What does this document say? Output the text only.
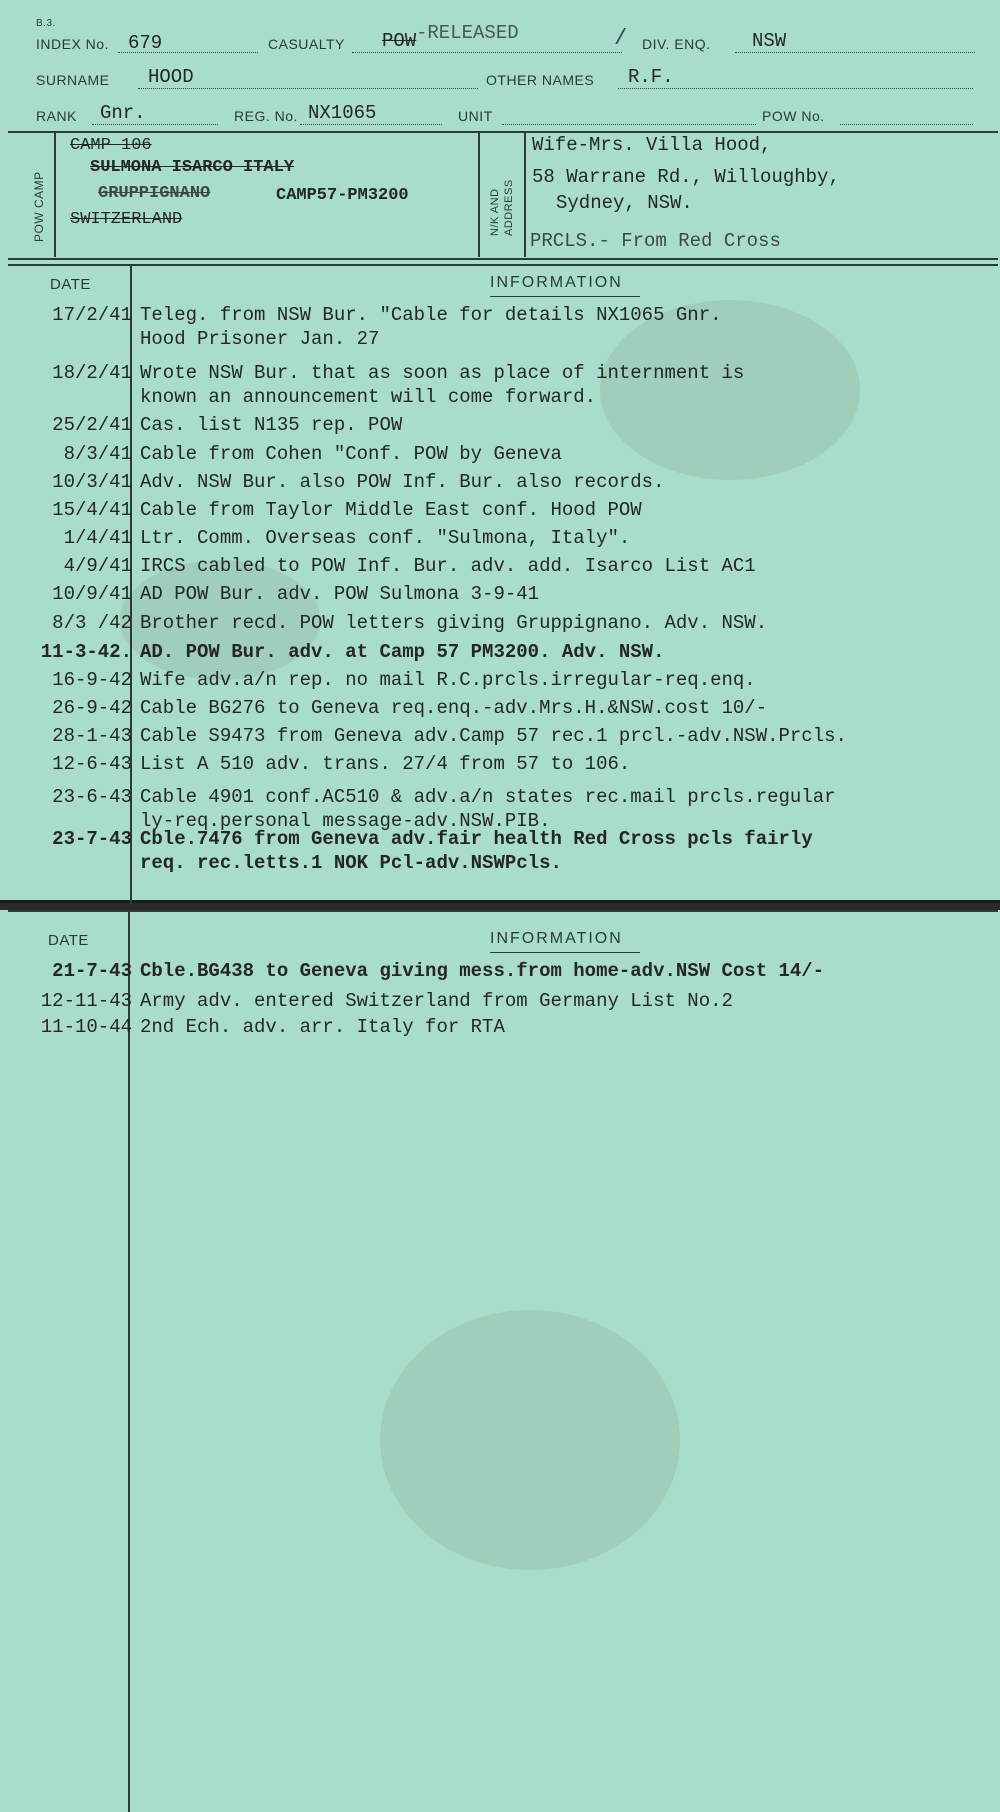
B.3.
INDEX No. 679	CASUALTY POW -RELEASED	/ DIV. ENQ. NSW
SURNAME HOOD	OTHER NAMES R.F.
RANK Gnr.	REG. No. NX1065	UNIT	POW No.
POW CAMP
CAMP 106
SULMONA ISARCO ITALY
GRUPPIGNANO	CAMP57-PM3200
SWITZERLAND	N/K AND ADDRESS
Wife-Mrs. Villa Hood,
58 Warrane Rd., Willoughby,
Sydney, NSW.
PRCLS.- From Red Cross
DATE	INFORMATION
17/2/41 Teleg. from NSW Bur. "Cable for details NX1065 Gnr.
Hood Prisoner Jan. 27
18/2/41 Wrote NSW Bur. that as soon as place of internment is
known an announcement will come forward.
25/2/41 Cas. list N135 rep. POW
8/3/41 Cable from Cohen "Conf. POW by Geneva
10/3/41 Adv. NSW Bur. also POW Inf. Bur. also records.
15/4/41 Cable from Taylor Middle East conf. Hood POW
1/4/41 Ltr. Comm. Overseas conf. "Sulmona, Italy".
4/9/41 IRCS cabled to POW Inf. Bur. adv. add. Isarco List AC1
10/9/41 AD POW Bur. adv. POW Sulmona 3-9-41
8/3 /42 Brother recd. POW letters giving Gruppignano. Adv. NSW.
11-3-42. AD. POW Bur. adv. at Camp 57 PM3200. Adv. NSW.
16-9-42 Wife adv.a/n rep. no mail R.C.prcls.irregular-req.enq.
26-9-42 Cable BG276 to Geneva req.enq.-adv.Mrs.H.&NSW.cost 10/-
28-1-43 Cable S9473 from Geneva adv.Camp 57 rec.1 prcl.-adv.NSW.Prcls.
12-6-43 List A 510 adv. trans. 27/4 from 57 to 106.
23-6-43 Cable 4901 conf.AC510 & adv.a/n states rec.mail prcls.regular
ly-req.personal message-adv.NSW.PIB.
23-7-43 Cble.7476 from Geneva adv.fair health Red Cross pcls fairly
req. rec.letts.1 NOK Pcl-adv.NSWPcls.
DATE	INFORMATION
21-7-43 Cble.BG438 to Geneva giving mess.from home-adv.NSW Cost 14/-
12-11-43 Army adv. entered Switzerland from Germany List No.2
11-10-44 2nd Ech. adv. arr. Italy for RTA
